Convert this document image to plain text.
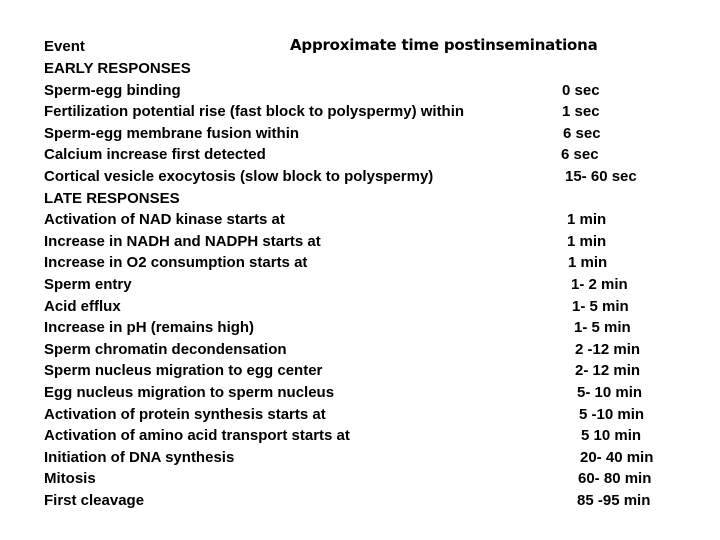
Event	Approximate time postinseminationa
EARLY RESPONSES
Sperm-egg binding	0 sec
Fertilization potential rise (fast block to polyspermy) within	1 sec
Sperm-egg membrane fusion within	6 sec
Calcium increase first detected	6 sec
Cortical vesicle exocytosis (slow block to polyspermy)	15- 60 sec
LATE RESPONSES
Activation of NAD kinase starts at	1 min
Increase in NADH and NADPH starts at	1 min
Increase in O2 consumption starts at	1 min
Sperm entry	1- 2 min
Acid efflux	1- 5 min
Increase in pH (remains high)	1- 5 min
Sperm chromatin decondensation	2 -12 min
Sperm nucleus migration to egg center	2- 12 min
Egg nucleus migration to sperm nucleus	5- 10 min
Activation of protein synthesis starts at	5 -10 min
Activation of amino acid transport starts at	5 10 min
Initiation of DNA synthesis	20- 40 min
Mitosis	60- 80 min
First cleavage	85 -95 min
